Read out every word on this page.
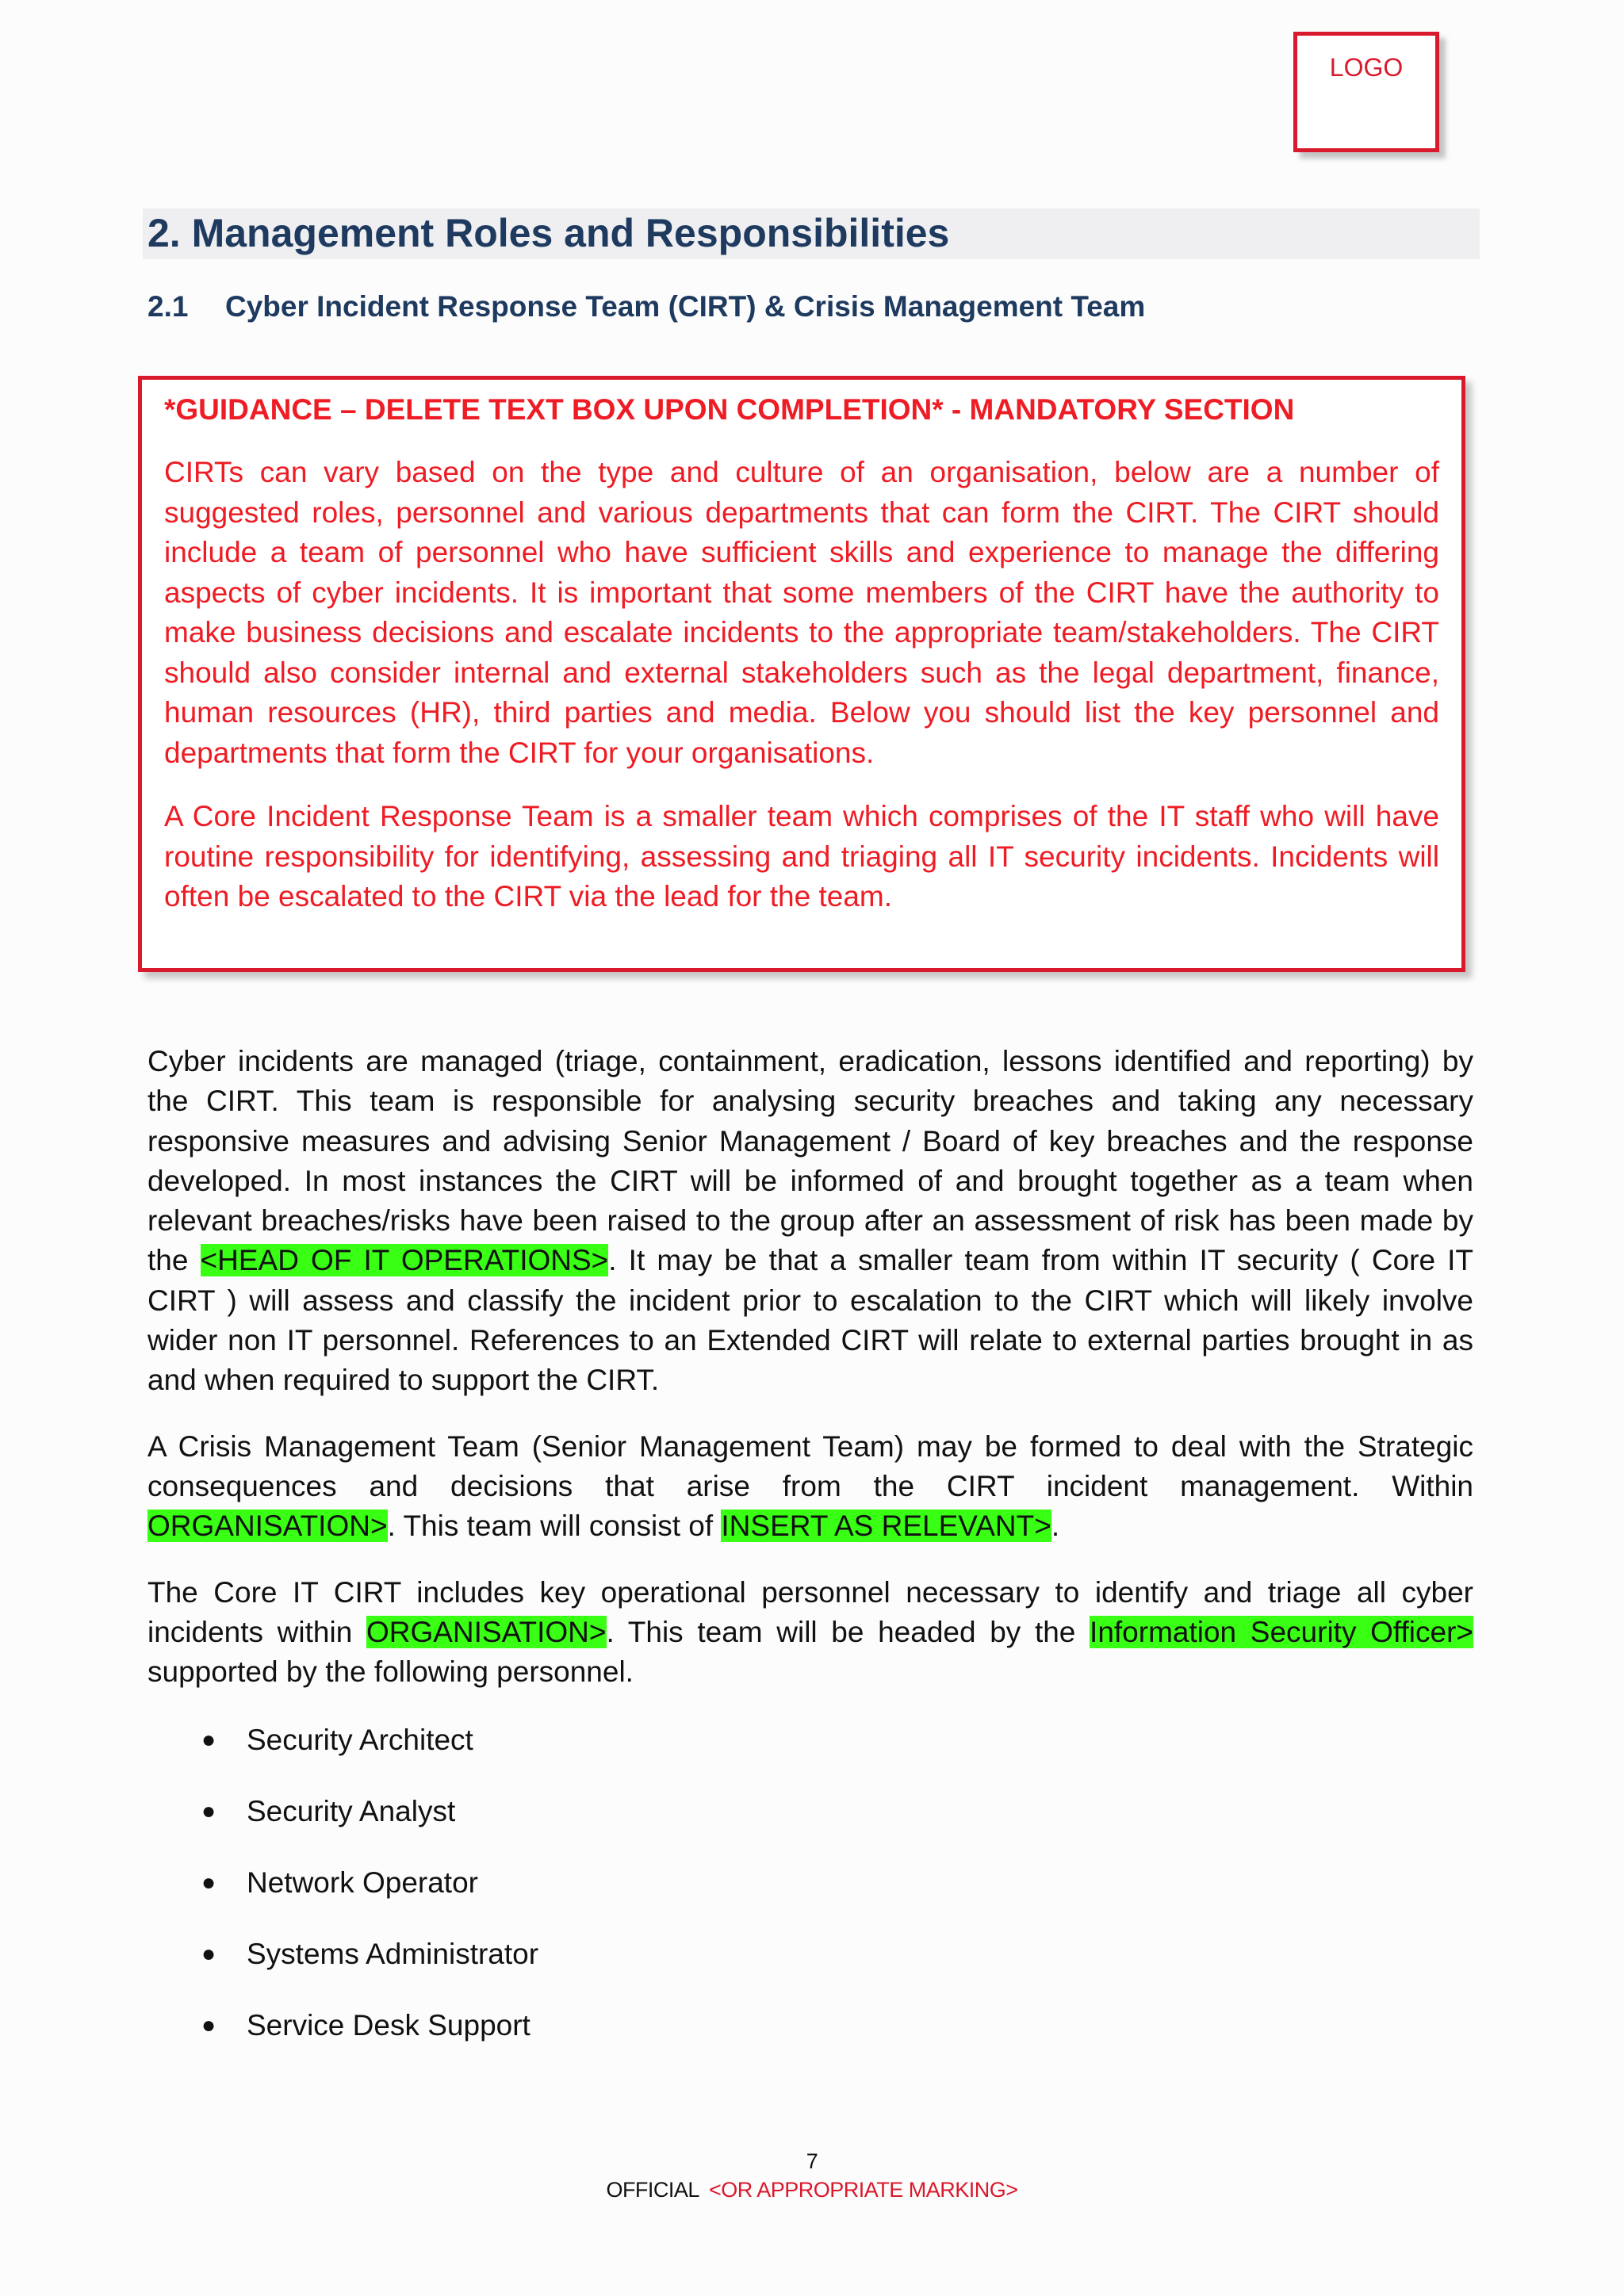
LOGO
2. Management Roles and Responsibilities
2.1 Cyber Incident Response Team (CIRT) & Crisis Management Team
*GUIDANCE – DELETE TEXT BOX UPON COMPLETION* - MANDATORY SECTION

CIRTs can vary based on the type and culture of an organisation, below are a number of suggested roles, personnel and various departments that can form the CIRT. The CIRT should include a team of personnel who have sufficient skills and experience to manage the differing aspects of cyber incidents. It is important that some members of the CIRT have the authority to make business decisions and escalate incidents to the appropriate team/stakeholders. The CIRT should also consider internal and external stakeholders such as the legal department, finance, human resources (HR), third parties and media. Below you should list the key personnel and departments that form the CIRT for your organisations.

A Core Incident Response Team is a smaller team which comprises of the IT staff who will have routine responsibility for identifying, assessing and triaging all IT security incidents. Incidents will often be escalated to the CIRT via the lead for the team.

Cyber incidents are managed (triage, containment, eradication, lessons identified and reporting) by the CIRT. This team is responsible for analysing security breaches and taking any necessary responsive measures and advising Senior Management / Board of key breaches and the response developed. In most instances the CIRT will be informed of and brought together as a team when relevant breaches/risks have been raised to the group after an assessment of risk has been made by the <HEAD OF IT OPERATIONS>. It may be that a smaller team from within IT security ( Core IT CIRT ) will assess and classify the incident prior to escalation to the CIRT which will likely involve wider non IT personnel. References to an Extended CIRT will relate to external parties brought in as and when required to support the CIRT.

A Crisis Management Team (Senior Management Team) may be formed to deal with the Strategic consequences and decisions that arise from the CIRT incident management. Within ORGANISATION>. This team will consist of INSERT AS RELEVANT>.

The Core IT CIRT includes key operational personnel necessary to identify and triage all cyber incidents within ORGANISATION>. This team will be headed by the Information Security Officer> supported by the following personnel.

● Security Architect
● Security Analyst
● Network Operator
● Systems Administrator
● Service Desk Support
7
OFFICIAL <OR APPROPRIATE MARKING>
